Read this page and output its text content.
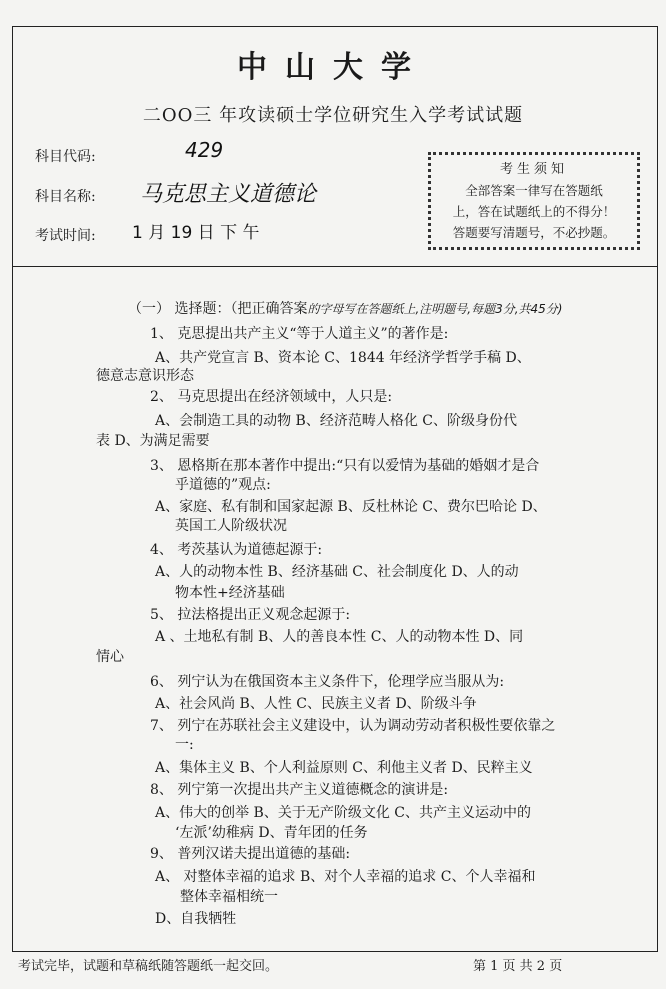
中山大学
二OO三 年攻读硕士学位研究生入学考试试题
科目代码:	429
科目名称:	马克思主义道德论
考试时间:	1 月 19 日 下 午
考生须知
全部答案一律写在答题纸
上，答在试题纸上的不得分！
答题要写清题号，不必抄题。
（一） 选择题：（把正确答案的字母写在答题纸上,注明题号,每题3分,共45分)
1、 克思提出共产主义“等于人道主义”的著作是:
A、共产党宣言 B、资本论 C、1844 年经济学哲学手稿 D、
德意志意识形态
2、 马克思提出在经济领域中，人只是:
A、会制造工具的动物 B、经济范畴人格化 C、阶级身份代
表 D、为满足需要
3、 恩格斯在那本著作中提出:“只有以爱情为基础的婚姻才是合
乎道德的”观点:
A、家庭、私有制和国家起源 B、反杜林论 C、费尔巴哈论 D、
英国工人阶级状况
4、 考茨基认为道德起源于:
A、人的动物本性 B、经济基础 C、社会制度化 D、人的动
物本性+经济基础
5、 拉法格提出正义观念起源于:
A 、土地私有制 B、人的善良本性 C、人的动物本性 D、同
情心
6、 列宁认为在俄国资本主义条件下，伦理学应当服从为:
A、社会风尚 B、人性 C、民族主义者 D、阶级斗争
7、 列宁在苏联社会主义建设中，认为调动劳动者积极性要依靠之
一:
A、集体主义 B、个人利益原则 C、利他主义者 D、民粹主义
8、 列宁第一次提出共产主义道德概念的演讲是:
A、伟大的创举 B、关于无产阶级文化 C、共产主义运动中的
‘左派’幼稚病 D、青年团的任务
9、 普列汉诺夫提出道德的基础:
A、 对整体幸福的追求 B、对个人幸福的追求 C、个人幸福和
整体幸福相统一
D、自我牺牲
考试完毕，试题和草稿纸随答题纸一起交回。	第 1 页 共 2 页
